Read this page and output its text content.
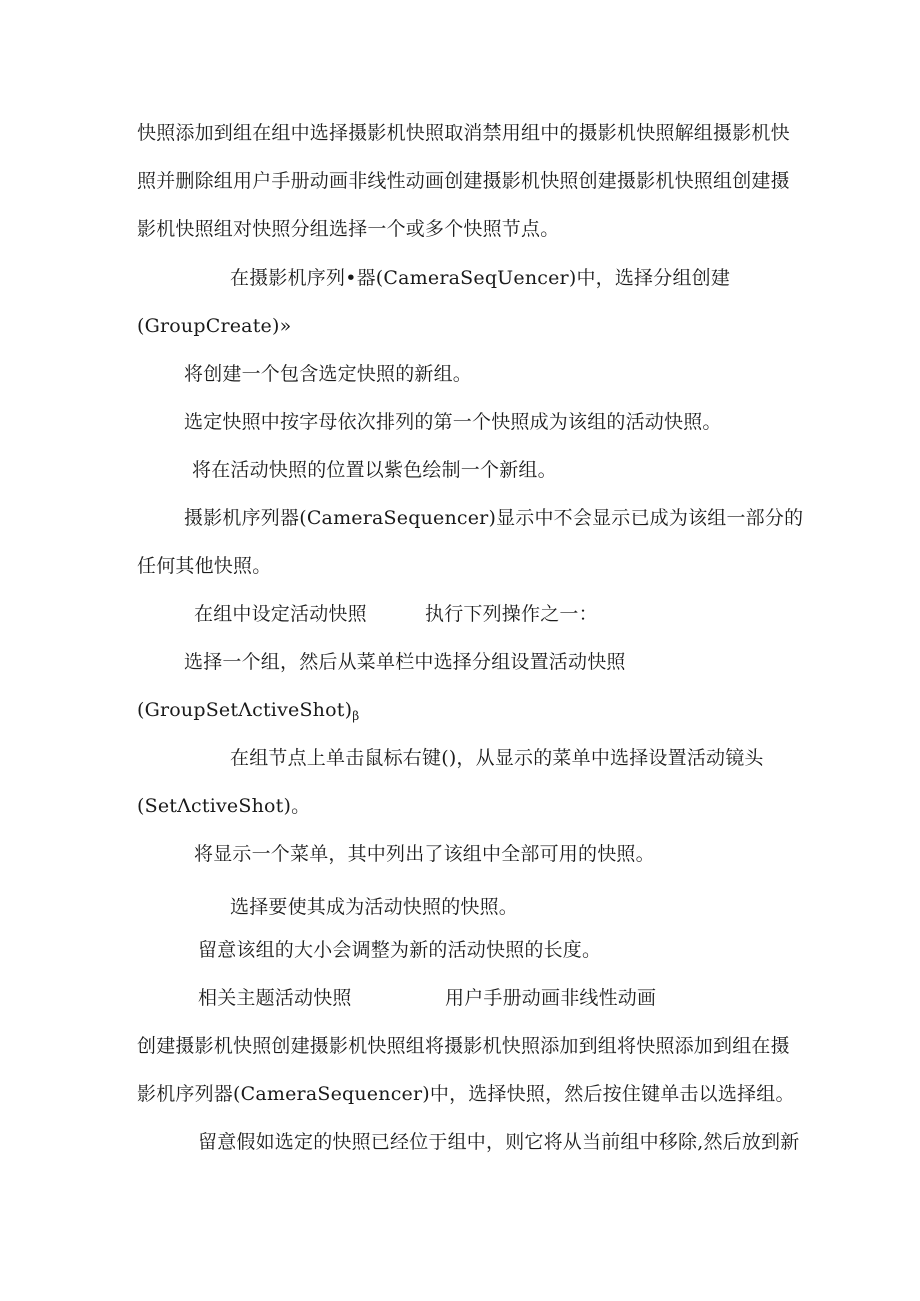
快照添加到组在组中选择摄影机快照取消禁用组中的摄影机快照解组摄影机快
照并删除组用户手册动画非线性动画创建摄影机快照创建摄影机快照组创建摄
影机快照组对快照分组选择一个或多个快照节点。
在摄影机序列•器(CameraSeqUencer)中，选择分组创建
(GroupCreate)»
将创建一个包含选定快照的新组。
选定快照中按字母依次排列的第一个快照成为该组的活动快照。
将在活动快照的位置以紫色绘制一个新组。
摄影机序列器(CameraSequencer)显示中不会显示已成为该组一部分的
任何其他快照。
在组中设定活动快照	执行下列操作之一：
选择一个组，然后从菜单栏中选择分组设置活动快照
$(GroupSet\Lambda ctiveShot)_\beta$
在组节点上单击鼠标右键()，从显示的菜单中选择设置活动镜头
(SetΛctiveShot)。
将显示一个菜单，其中列出了该组中全部可用的快照。
选择要使其成为活动快照的快照。
留意该组的大小会调整为新的活动快照的长度。
相关主题活动快照	用户手册动画非线性动画
创建摄影机快照创建摄影机快照组将摄影机快照添加到组将快照添加到组在摄
影机序列器(CameraSequencer)中，选择快照，然后按住键单击以选择组。
留意假如选定的快照已经位于组中，则它将从当前组中移除,然后放到新
